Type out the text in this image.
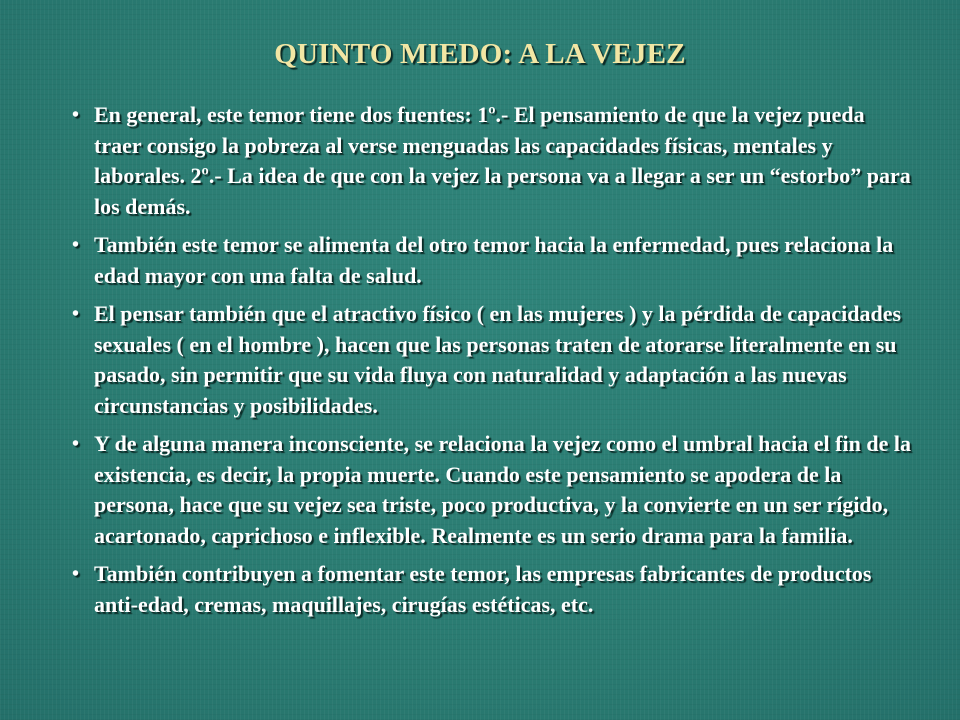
QUINTO MIEDO: A LA VEJEZ
• En general, este temor tiene dos fuentes: 1º.- El pensamiento de que la vejez pueda traer consigo la pobreza al verse menguadas las capacidades físicas, mentales y laborales. 2º.- La idea de que con la vejez la persona va a llegar a ser un “estorbo” para los demás.
• También este temor se alimenta del otro temor hacia la enfermedad, pues relaciona la edad mayor con una falta de salud.
• El pensar también que el atractivo físico ( en las mujeres ) y la pérdida de capacidades sexuales ( en el hombre ), hacen que las personas traten de atorarse literalmente en su pasado, sin permitir que su vida fluya con naturalidad y adaptación a las nuevas circunstancias y posibilidades.
• Y de alguna manera inconsciente, se relaciona la vejez como el umbral hacia el fin de la existencia, es decir, la propia muerte. Cuando este pensamiento se apodera de la persona, hace que su vejez sea triste, poco productiva, y la convierte en un ser rígido, acartonado, caprichoso e inflexible. Realmente es un serio drama para la familia.
• También contribuyen a fomentar este temor, las empresas fabricantes de productos anti-edad, cremas, maquillajes, cirugías estéticas, etc.
